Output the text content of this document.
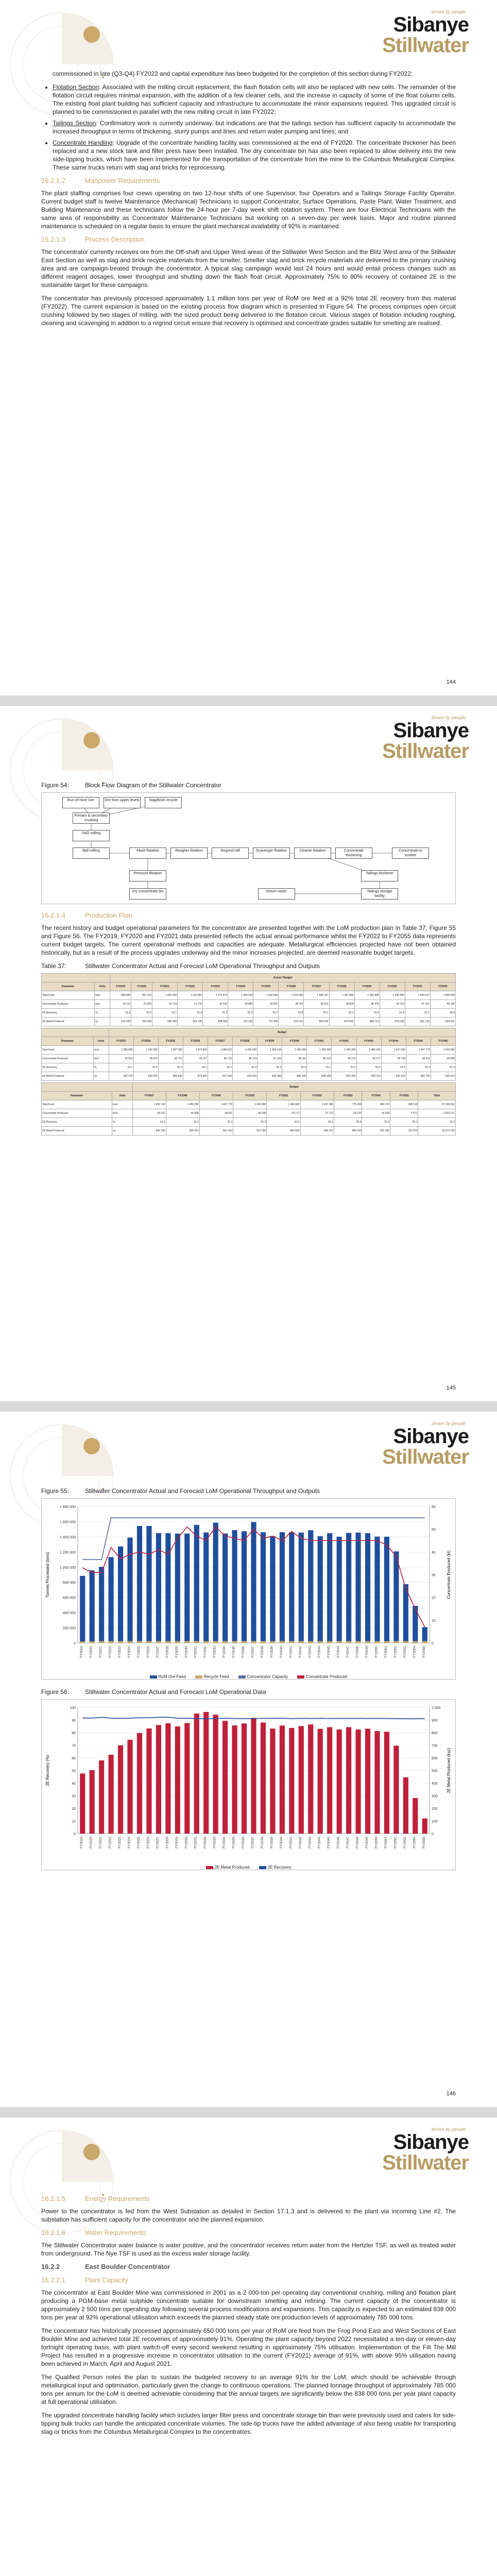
driven by people
Sibanye
Stillwater

commissioned in late (Q3-Q4) FY2022 and capital expenditure has been budgeted for the completion of this section during FY2022;

• Flotation Section: Associated with the milling circuit replacement, the flash flotation cells will also be replaced with new cells. The remainder of the flotation circuit requires minimal expansion, with the addition of a few cleaner cells, and the increase in capacity of some of the float column cells. The existing float plant building has sufficient capacity and infrastructure to accommodate the minor expansions required. This upgraded circuit is planned to be commissioned in parallel with the new milling circuit in late FY2022;
• Tailings Section: Confirmatory work is currently underway, but indications are that the tailings section has sufficient capacity to accommodate the increased throughput in terms of thickening, slurry pumps and lines and return water pumping and lines; and
• Concentrate Handling: Upgrade of the concentrate handling facility was commissioned at the end of FY2020. The concentrate thickener has been replaced and a new stock tank and filter press have been installed. The dry concentrate bin has also been replaced to allow delivery into the new side-tipping trucks, which have been implemented for the transportation of the concentrate from the mine to the Columbus Metallurgical Complex. These same trucks return with slag and bricks for reprocessing.
16.2.1.2	Manpower Requirements

The plant staffing comprises four crews operating on two 12-hour shifts of one Supervisor, four Operators and a Tailings Storage Facility Operator. Current budget staff is twelve Maintenance (Mechanical) Technicians to support Concentrator, Surface Operations, Paste Plant, Water Treatment, and Building Maintenance and these technicians follow the 24-hour per 7-day week shift rotation system. There are four Electrical Technicians with the same area of responsibility as Concentrator Maintenance Technicians but working on a seven-day per week basis. Major and routine planned maintenance is scheduled on a regular basis to ensure the plant mechanical availability of 92% is maintained.

16.2.1.3	Process Description

The concentrator currently receives ore from the Off-shaft and Upper West areas of the Stillwater West Section and the Blitz West area of the Stillwater East Section as well as slag and brick recycle materials from the smelter. Smelter slag and brick recycle materials are delivered to the primary crushing area and are campaign-treated through the concentrator. A typical slag campaign would last 24 hours and would entail process changes such as different reagent dosages, lower throughput and shutting down the flash float circuit. Approximately 75% to 80% recovery of contained 2E is the sustainable target for these campaigns.

The concentrator has previously processed approximately 1.1 million tons per year of RoM ore feed at a 92% total 2E recovery from this material (FY2022). The current expansion is based on the existing process flow diagram which is presented in Figure 54. The process comprises open circuit crushing followed by two stages of milling, with the sized product being delivered to the flotation circuit. Various stages of flotation including roughing, cleaning and scavenging in addition to a regrind circuit ensure that recovery is optimised and concentrate grades suitable for smelting are realised.

144
driven by people
Sibanye
Stillwater
Figure 54:	Block Flow Diagram of the Stillwater Concentrator
Run-of-mine Ore	Ore from upper levels	Slag/Brick recycle
Primary & secondary crushing
SAG milling
Ball milling	Flash flotation	Rougher flotation	Regrind mill	Scavenger flotation	Cleaner flotation	Concentrate thickening
Pressure filtration
Dry concentrate bin
Tailings thickener
Tailings storage facility
Return water
Concentrate to smelter
16.2.1.4	Production Plan

The recent history and budget operational parameters for the concentrator are presented together with the LoM production plan in Table 37, Figure 55 and Figure 56. The FY2019, FY2020 and FY2021 data presented reflects the actual annual performance whilst the FY2022 to FY2055 data represents current budget targets. The current operational methods and capacities are adequate. Metallurgical efficiencies projected have not been obtained historically, but as a result of the process upgrades underway and the minor increases projected, are deemed reasonable budget targets.

Table 37:	Stillwater Concentrator Actual and Forecast LoM Operational Throughput and Outputs
		Actual / Budget													
Parameter	Units	FY2019	FY2020	FY2021	FY2022	FY2023	FY2024	FY2025	FY2026	FY2027	FY2028	FY2029	FY2030	FY2031	FY2032
Total Feed	tons	884 990	957 123	1 003 456	1 132 662	1 273 471	1 390 019	1 542 646	1 542 646	1 449 307	1 447 858	1 441 898	1 442 899	1 556 627	1 456 959
Concentrate Produced	tons	33 113	31 002	30 714	41 719	36 591	39 486	39 807	38 767	40 512	38 664	46 475	50 713	47 314	45 100
2E Recovery	%	91.6	91.5	92.1	91.4	91.3	91.5	91.7	91.8	92.1	92.2	91.4	91.4	91.2	90.9
2E Metal Produced	oz	476 250	503 418	580 240	624 735	698 950	743 223	797 428	833 126	860 234	874 062	848 714	876 090	951 120	964 301
		Budget													
Parameter	Units	FY2033	FY2034	FY2035	FY2036	FY2037	FY2038	FY2039	FY2040	FY2041	FY2042	FY2043	FY2044	FY2045	FY2046
Total Feed	tons	1 585 800	1 443 390	1 487 390	1 472 800	1 594 210	1 459 540	1 409 510	1 460 290	1 459 000	1 455 390	1 486 060	1 407 530	1 447 770	1 400 680
Concentrate Produced	tons	50 913	46 874	45 712	45 117	49 713	46 174	47 210	45 111	49 313	46 210	45 177	44 718	44 911	45 008
2E Recovery	%	91.1	91.4	91.2	91.1	91.1	91.3	91.3	91.4	91.1	91.3	91.2	91.3	91.2	91.3
2E Metal Produced	oz	942 470	893 420	856 630	873 420	917 040	879 610	832 060	856 100	836 900	852 250	865 110	830 410	842 750	825 410
		Budget									
Parameter	Units	FY2047	FY2048	FY2049	FY2050	FY2051	FY2052	FY2053	FY2054	FY2055	Total
Total Feed	tons	1 451 110	1 455 290	1 447 770	1 402 680	1 400 680	1 207 390	775 260	489 270	208 510	57 540 010
Concentrate Produced	tons	44 911	45 008	44 911	45 008	43 177	37 713	24 213	15 418	6 571	1 833 171
2E Recovery	%	91.2	91.3	91.2	91.3	91.2	91.1	91.0	91.0	91.1	91.3
2E Metal Produced	oz	842 750	825 410	831 410	812 050	806 630	696 210	445 610	281 630	119 970	32 471 160
145
driven by people
Sibanye
Stillwater
Figure 55:	Stillwater Concentrator Actual and Forecast LoM Operational Throughput and Outputs
0
200 000
400 000
600 000
800 000
1 000 000
1 200 000
1 400 000
1 600 000
1 800 000
0
10
20
30
40
50
60
Tonnes Processed (tons)	Concentrate Produced (kt)
FY2019 FY2020 FY2021 FY2022 FY2023 FY2024 FY2025 FY2026 FY2027 FY2028 FY2029 FY2030 FY2031 FY2032 FY2033 FY2034 FY2035 FY2036 FY2037 FY2038 FY2039 FY2040 FY2041 FY2042 FY2043 FY2044 FY2045 FY2046 FY2047 FY2048 FY2049 FY2050 FY2051 FY2052 FY2053 FY2054 FY2055
RoM Ore Feed	Recycle Feed	Concentrator Capacity	Concentrate Produced
Figure 56:	Stillwater Concentrator Actual and Forecast LoM Operational Data
0
10
20
30
40
50
60
70
80
90
100
0
100
200
300
400
500
600
700
800
900
1 000
2E Recovery (%)	2E Metal Produced (koz)
FY2019 FY2020 FY2021 FY2022 FY2023 FY2024 FY2025 FY2026 FY2027 FY2028 FY2029 FY2030 FY2031 FY2032 FY2033 FY2034 FY2035 FY2036 FY2037 FY2038 FY2039 FY2040 FY2041 FY2042 FY2043 FY2044 FY2045 FY2046 FY2047 FY2048 FY2049 FY2050 FY2051 FY2052 FY2053 FY2054 FY2055
2E Metal Produced	2E Recovery
146
driven by people
Sibanye
Stillwater
16.2.1.5	Energy Requirements

Power to the concentrator is fed from the West Substation as detailed in Section 17.1.3 and is delivered to the plant via incoming Line #2. The substation has sufficient capacity for the concentrator and the planned expansion.

16.2.1.6	Water Requirements

The Stillwater Concentrator water balance is water positive, and the concentrator receives return water from the Hertzler TSF, as well as treated water from underground. The Nye TSF is used as the excess water storage facility.

16.2.2	East Boulder Concentrator
16.2.2.1	Plant Capacity

The concentrator at East Boulder Mine was commissioned in 2001 as a 2 000-ton per operating day conventional crushing, milling and flotation plant producing a PGM-base metal sulphide concentrate suitable for downstream smelting and refining. The current capacity of the concentrator is approximately 2 500 tons per operating day following several process modifications and expansions. This capacity is expected to an estimated 838 000 tons per year at 92% operational utilisation which exceeds the planned steady state ore production levels of approximately 785 000 tons.

The concentrator has historically processed approximately 650 000 tons per year of RoM ore feed from the Frog Pond East and West Sections of East Boulder Mine and achieved total 2E recoveries of approximately 91%. Operating the plant capacity beyond 2022 necessitated a ten-day or eleven-day fortnight operating basis, with plant switch-off every second weekend resulting in approximately 75% utilisation. Implementation of the Fill The Mill Project has resulted in a progressive increase in concentrator utilisation to the current (FY2021) average of 91%, with above 95% utilisation having been achieved in March, April and August 2021.

The Qualified Person notes the plan to sustain the budgeted recovery to an average 91% for the LoM, which should be achievable through metallurgical input and optimisation, particularly given the change to continuous operations. The planned tonnage throughput of approximately 785 000 tons per annum for the LoM is deemed achievable considering that the annual targets are significantly below the 838 000 tons per year plant capacity at full operational utilisation.

The upgraded concentrate handling facility which includes larger filter press and concentrate storage bin than were previously used and caters for side-tipping bulk trucks can handle the anticipated concentrate volumes. The side-tip trucks have the added advantage of also being usable for transporting slag or bricks from the Columbus Metallurgical Complex to the concentrators.
